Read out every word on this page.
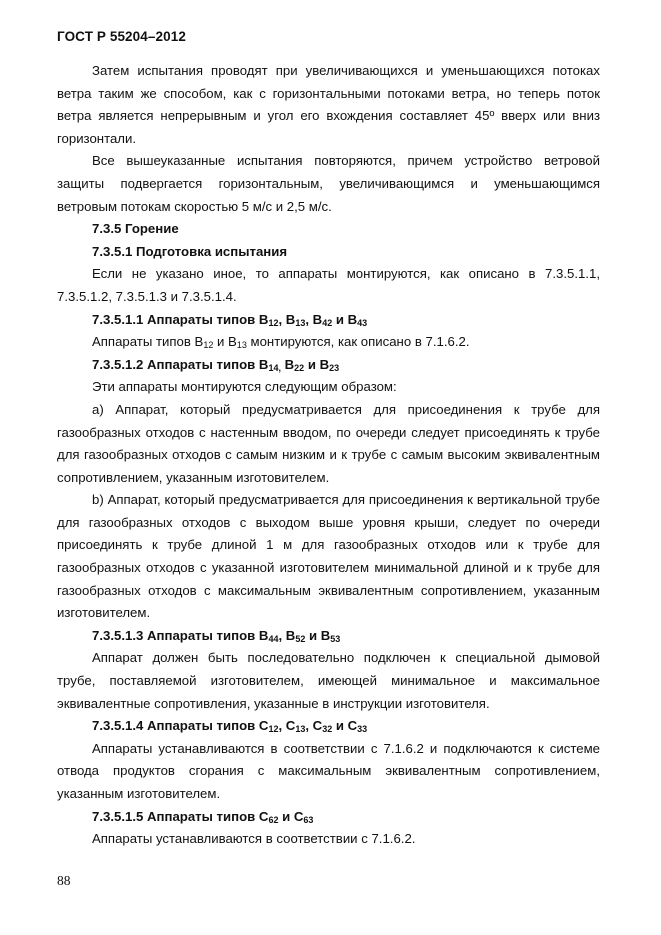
ГОСТ Р 55204–2012

Затем испытания проводят при увеличивающихся и уменьшающихся потоках ветра таким же способом, как с горизонтальными потоками ветра, но теперь поток ветра является непрерывным и угол его вхождения составляет 45º вверх или вниз горизонтали.

Все вышеуказанные испытания повторяются, причем устройство ветровой защиты подвергается горизонтальным, увеличивающимся и уменьшающимся ветровым потокам скоростью 5 м/с и 2,5 м/с.

7.3.5 Горение

7.3.5.1 Подготовка испытания

Если не указано иное, то аппараты монтируются, как описано в 7.3.5.1.1, 7.3.5.1.2, 7.3.5.1.3 и 7.3.5.1.4.

7.3.5.1.1 Аппараты типов $В_{12}$, $В_{13}$, $В_{42}$ и $В_{43}$

Аппараты типов $В_{12}$ и $В_{13}$ монтируются, как описано в 7.1.6.2.

7.3.5.1.2 Аппараты типов $В_{14,}$ $В_{22}$ и $В_{23}$

Эти аппараты монтируются следующим образом:

а) Аппарат, который предусматривается для присоединения к трубе для газообразных отходов с настенным вводом, по очереди следует присоединять к трубе для газообразных отходов с самым низким и к трубе с самым высоким эквивалентным сопротивлением, указанным изготовителем.

b) Аппарат, который предусматривается для присоединения к вертикальной трубе для газообразных отходов с выходом выше уровня крыши, следует по очереди присоединять к трубе длиной 1 м для газообразных отходов или к трубе для газообразных отходов с указанной изготовителем минимальной длиной и к трубе для газообразных отходов с максимальным эквивалентным сопротивлением, указанным изготовителем.

7.3.5.1.3 Аппараты типов $В_{44}$, $В_{52}$ и $В_{53}$

Аппарат должен быть последовательно подключен к специальной дымовой трубе, поставляемой изготовителем, имеющей минимальное и максимальное эквивалентные сопротивления, указанные в инструкции изготовителя.

7.3.5.1.4 Аппараты типов $С_{12}$, $С_{13}$, $С_{32}$ и $С_{33}$

Аппараты устанавливаются в соответствии с 7.1.6.2 и подключаются к системе отвода продуктов сгорания с максимальным эквивалентным сопротивлением, указанным изготовителем.

7.3.5.1.5 Аппараты типов $С_{62}$ и $С_{63}$

Аппараты устанавливаются в соответствии с 7.1.6.2.

88
